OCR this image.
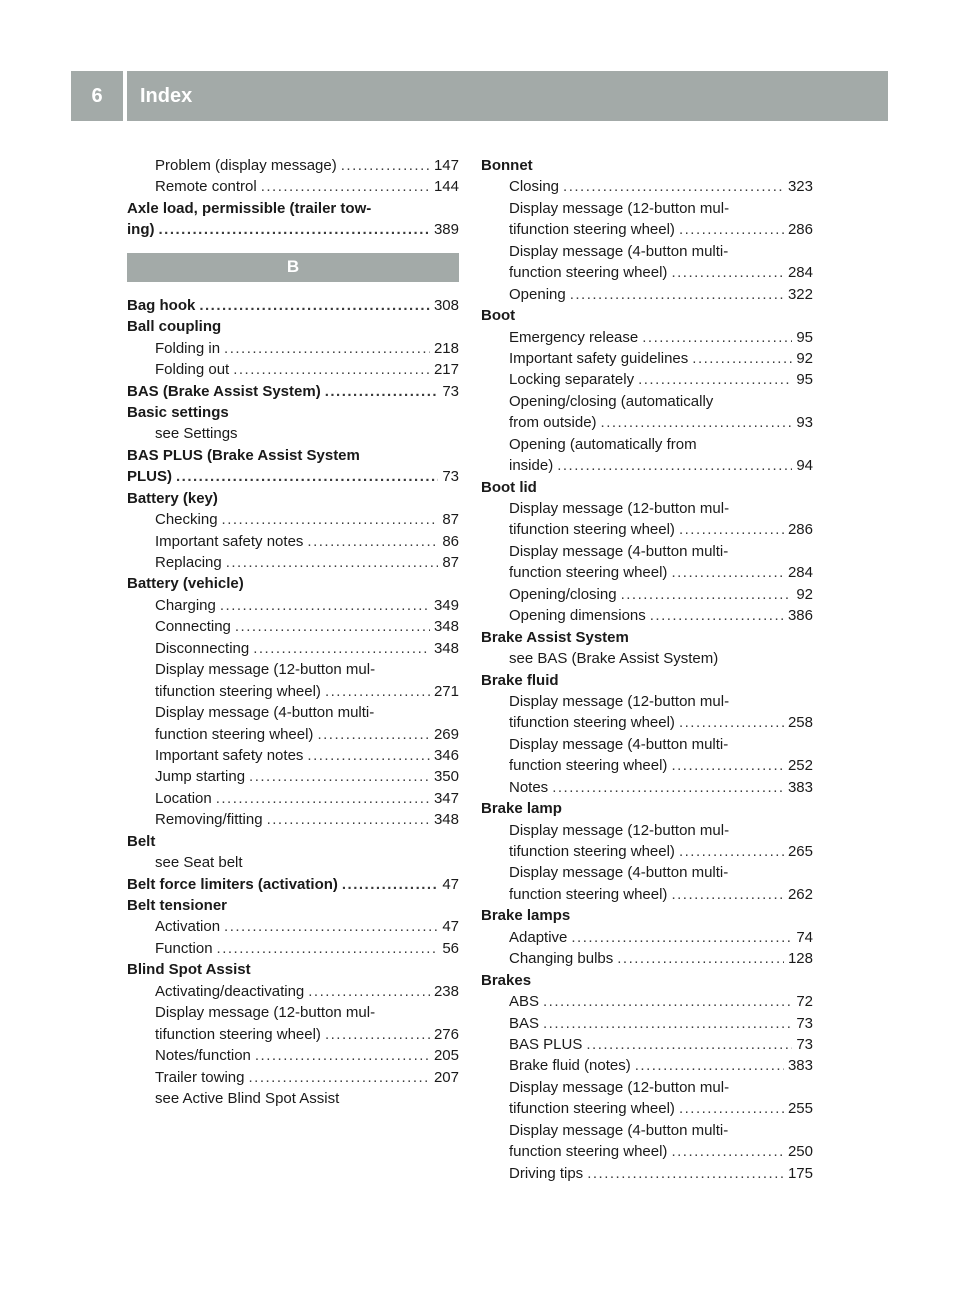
6	Index
Problem (display message) .....	147
Remote control .....	144
Axle load, permissible (trailer tow-
ing) .....	389
B
Bag hook .....	308
Ball coupling
Folding in .....	218
Folding out .....	217
BAS (Brake Assist System) .....	73
Basic settings
see Settings
BAS PLUS (Brake Assist System
PLUS) .....	73
Battery (key)
Checking .....	87
Important safety notes .....	86
Replacing .....	87
Battery (vehicle)
Charging .....	349
Connecting .....	348
Disconnecting .....	348
Display message (12-button mul-
tifunction steering wheel) .....	271
Display message (4-button multi-
function steering wheel) .....	269
Important safety notes .....	346
Jump starting .....	350
Location .....	347
Removing/fitting .....	348
Belt
see Seat belt
Belt force limiters (activation) .....	47
Belt tensioner
Activation .....	47
Function .....	56
Blind Spot Assist
Activating/deactivating .....	238
Display message (12-button mul-
tifunction steering wheel) .....	276
Notes/function .....	205
Trailer towing .....	207
see Active Blind Spot Assist
Bonnet
Closing .....	323
Display message (12-button mul-
tifunction steering wheel) .....	286
Display message (4-button multi-
function steering wheel) .....	284
Opening .....	322
Boot
Emergency release .....	95
Important safety guidelines .....	92
Locking separately .....	95
Opening/closing (automatically
from outside) .....	93
Opening (automatically from
inside) .....	94
Boot lid
Display message (12-button mul-
tifunction steering wheel) .....	286
Display message (4-button multi-
function steering wheel) .....	284
Opening/closing .....	92
Opening dimensions .....	386
Brake Assist System
see BAS (Brake Assist System)
Brake fluid
Display message (12-button mul-
tifunction steering wheel) .....	258
Display message (4-button multi-
function steering wheel) .....	252
Notes .....	383
Brake lamp
Display message (12-button mul-
tifunction steering wheel) .....	265
Display message (4-button multi-
function steering wheel) .....	262
Brake lamps
Adaptive .....	74
Changing bulbs .....	128
Brakes
ABS .....	72
BAS .....	73
BAS PLUS .....	73
Brake fluid (notes) .....	383
Display message (12-button mul-
tifunction steering wheel) .....	255
Display message (4-button multi-
function steering wheel) .....	250
Driving tips .....	175
